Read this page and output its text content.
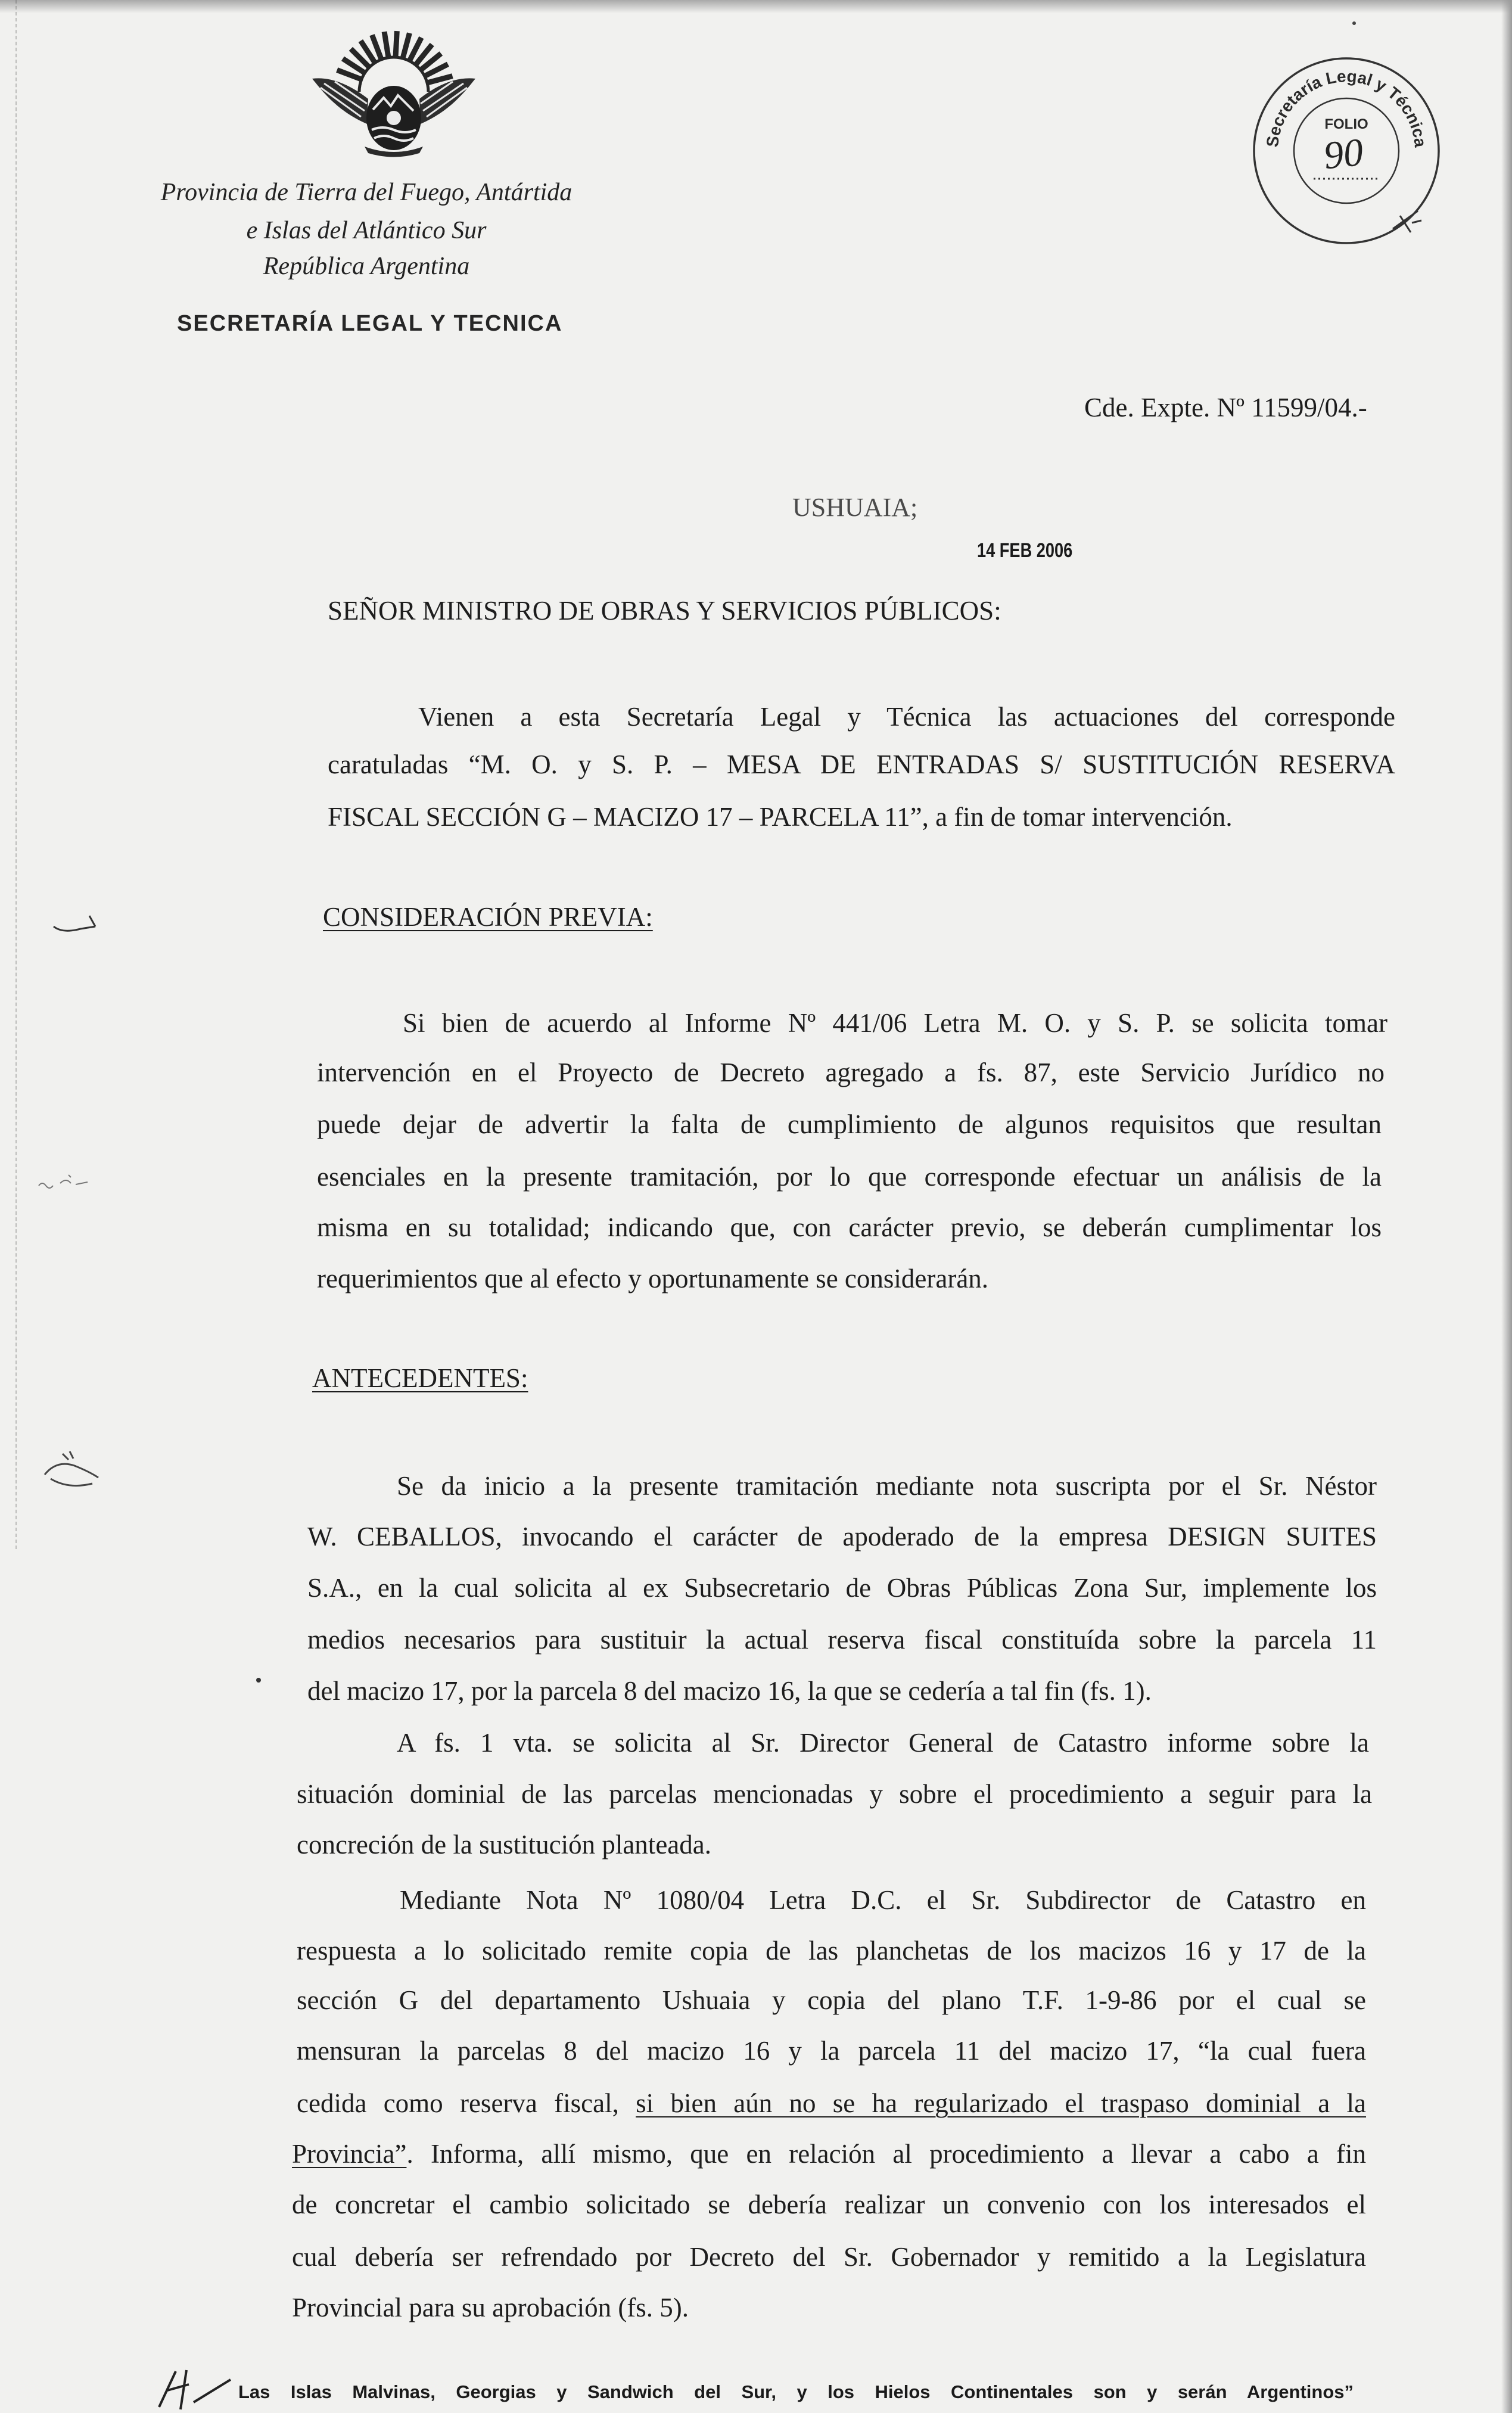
Provincia de Tierra del Fuego, Antártida
e Islas del Atlántico Sur
República Argentina
SECRETARÍA LEGAL Y TECNICA
Secretaría Legal y Técnica
FOLIO
90
Cde. Expte. Nº 11599/04.-
USHUAIA;
14 FEB 2006
SEÑOR MINISTRO DE OBRAS Y SERVICIOS PÚBLICOS:
Vienen a esta Secretaría Legal y Técnica las actuaciones del corresponde
caratuladas “M. O. y S. P. – MESA DE ENTRADAS S/ SUSTITUCIÓN RESERVA
FISCAL SECCIÓN G – MACIZO 17 – PARCELA 11”, a fin de tomar intervención.
CONSIDERACIÓN PREVIA:
Si bien de acuerdo al Informe Nº 441/06 Letra M. O. y S. P. se solicita tomar
intervención en el Proyecto de Decreto agregado a fs. 87, este Servicio Jurídico no
puede dejar de advertir la falta de cumplimiento de algunos requisitos que resultan
esenciales en la presente tramitación, por lo que corresponde efectuar un análisis de la
misma en su totalidad; indicando que, con carácter previo, se deberán cumplimentar los
requerimientos que al efecto y oportunamente se considerarán.
ANTECEDENTES:
Se da inicio a la presente tramitación mediante nota suscripta por el Sr. Néstor
W. CEBALLOS, invocando el carácter de apoderado de la empresa DESIGN SUITES
S.A., en la cual solicita al ex Subsecretario de Obras Públicas Zona Sur, implemente los
medios necesarios para sustituir la actual reserva fiscal constituída sobre la parcela 11
del macizo 17, por la parcela 8 del macizo 16, la que se cedería a tal fin (fs. 1).
A fs. 1 vta. se solicita al Sr. Director General de Catastro informe sobre la
situación dominial de las parcelas mencionadas y sobre el procedimiento a seguir para la
concreción de la sustitución planteada.
Mediante Nota Nº 1080/04 Letra D.C. el Sr. Subdirector de Catastro en
respuesta a lo solicitado remite copia de las planchetas de los macizos 16 y 17 de la
sección G del departamento Ushuaia y copia del plano T.F. 1-9-86 por el cual se
mensuran la parcelas 8 del macizo 16 y la parcela 11 del macizo 17, “la cual fuera
cedida como reserva fiscal, si bien aún no se ha regularizado el traspaso dominial a la
Provincia”. Informa, allí mismo, que en relación al procedimiento a llevar a cabo a fin
de concretar el cambio solicitado se debería realizar un convenio con los interesados el
cual debería ser refrendado por Decreto del Sr. Gobernador y remitido a la Legislatura
Provincial para su aprobación (fs. 5).
Las Islas Malvinas, Georgias y Sandwich del Sur, y los Hielos Continentales son y serán Argentinos”
